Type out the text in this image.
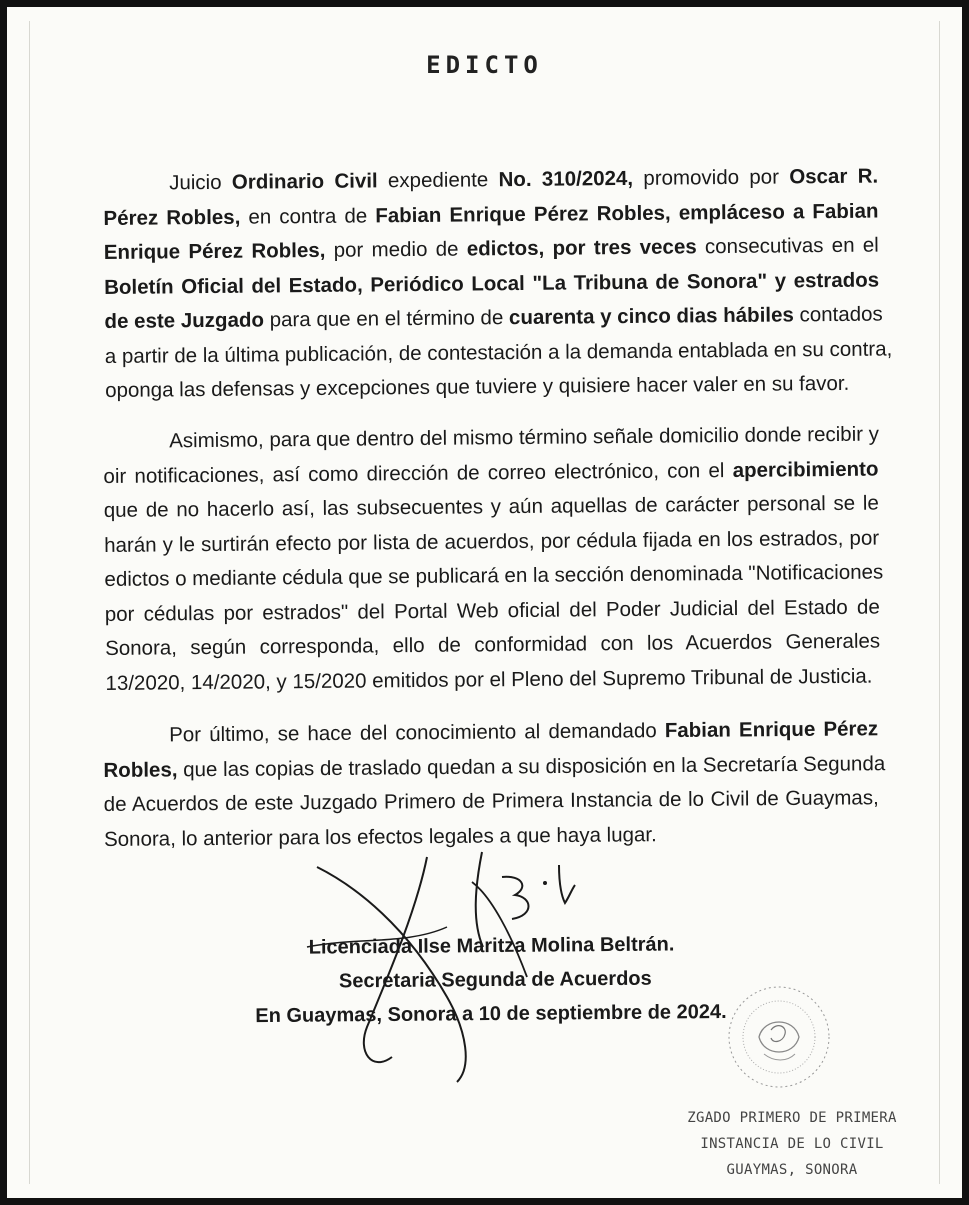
EDICTO
Juicio Ordinario Civil expediente No. 310/2024, promovido por Oscar R.
Pérez Robles, en contra de Fabian Enrique Pérez Robles, empláceso a Fabian
Enrique Pérez Robles, por medio de edictos, por tres veces consecutivas en el
Boletín Oficial del Estado, Periódico Local "La Tribuna de Sonora" y estrados
de este Juzgado para que en el término de cuarenta y cinco dias hábiles contados
a partir de la última publicación, de contestación a la demanda entablada en su contra,
oponga las defensas y excepciones que tuviere y quisiere hacer valer en su favor.
Asimismo, para que dentro del mismo término señale domicilio donde recibir y
oir notificaciones, así como dirección de correo electrónico, con el apercibimiento
que de no hacerlo así, las subsecuentes y aún aquellas de carácter personal se le
harán y le surtirán efecto por lista de acuerdos, por cédula fijada en los estrados, por
edictos o mediante cédula que se publicará en la sección denominada "Notificaciones
por cédulas por estrados" del Portal Web oficial del Poder Judicial del Estado de
Sonora, según corresponda, ello de conformidad con los Acuerdos Generales
13/2020, 14/2020, y 15/2020 emitidos por el Pleno del Supremo Tribunal de Justicia.
Por último, se hace del conocimiento al demandado Fabian Enrique Pérez
Robles, que las copias de traslado quedan a su disposición en la Secretaría Segunda
de Acuerdos de este Juzgado Primero de Primera Instancia de lo Civil de Guaymas,
Sonora, lo anterior para los efectos legales a que haya lugar.
Licenciada Ilse Maritza Molina Beltrán.
Secretaria Segunda de Acuerdos
En Guaymas, Sonora a 10 de septiembre de 2024.
ZGADO PRIMERO DE PRIMERA
INSTANCIA DE LO CIVIL
GUAYMAS, SONORA
